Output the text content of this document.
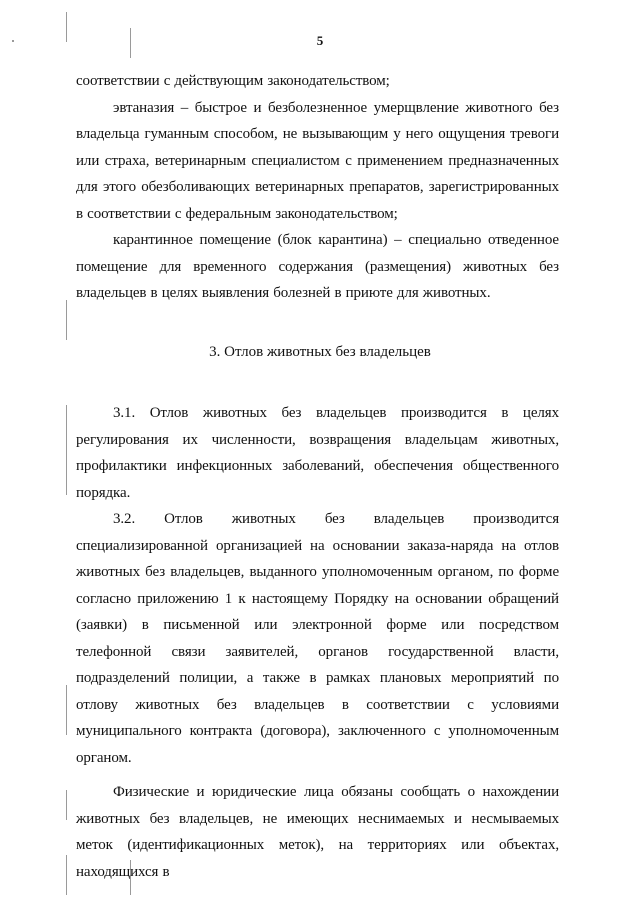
5

соответствии с действующим законодательством;

эвтаназия – быстрое и безболезненное умерщвление животного без владельца гуманным способом, не вызывающим у него ощущения тревоги или страха, ветеринарным специалистом с применением предназначенных для этого обезболивающих ветеринарных препаратов, зарегистрированных в соответствии с федеральным законодательством;

карантинное помещение (блок карантина) – специально отведенное помещение для временного содержания (размещения) животных без владельцев в целях выявления болезней в приюте для животных.

3. Отлов животных без владельцев

3.1. Отлов животных без владельцев производится в целях регулирования их численности, возвращения владельцам животных, профилактики инфекционных заболеваний, обеспечения общественного порядка.

3.2. Отлов животных без владельцев производится специализированной организацией на основании заказа-наряда на отлов животных без владельцев, выданного уполномоченным органом, по форме согласно приложению 1 к настоящему Порядку на основании обращений (заявки) в письменной или электронной форме или посредством телефонной связи заявителей, органов государственной власти, подразделений полиции, а также в рамках плановых мероприятий по отлову животных без владельцев в соответствии с условиями муниципального контракта (договора), заключенного с уполномоченным органом.

Физические и юридические лица обязаны сообщать о нахождении животных без владельцев, не имеющих неснимаемых и несмываемых меток (идентификационных меток), на территориях или объектах, находящихся в
